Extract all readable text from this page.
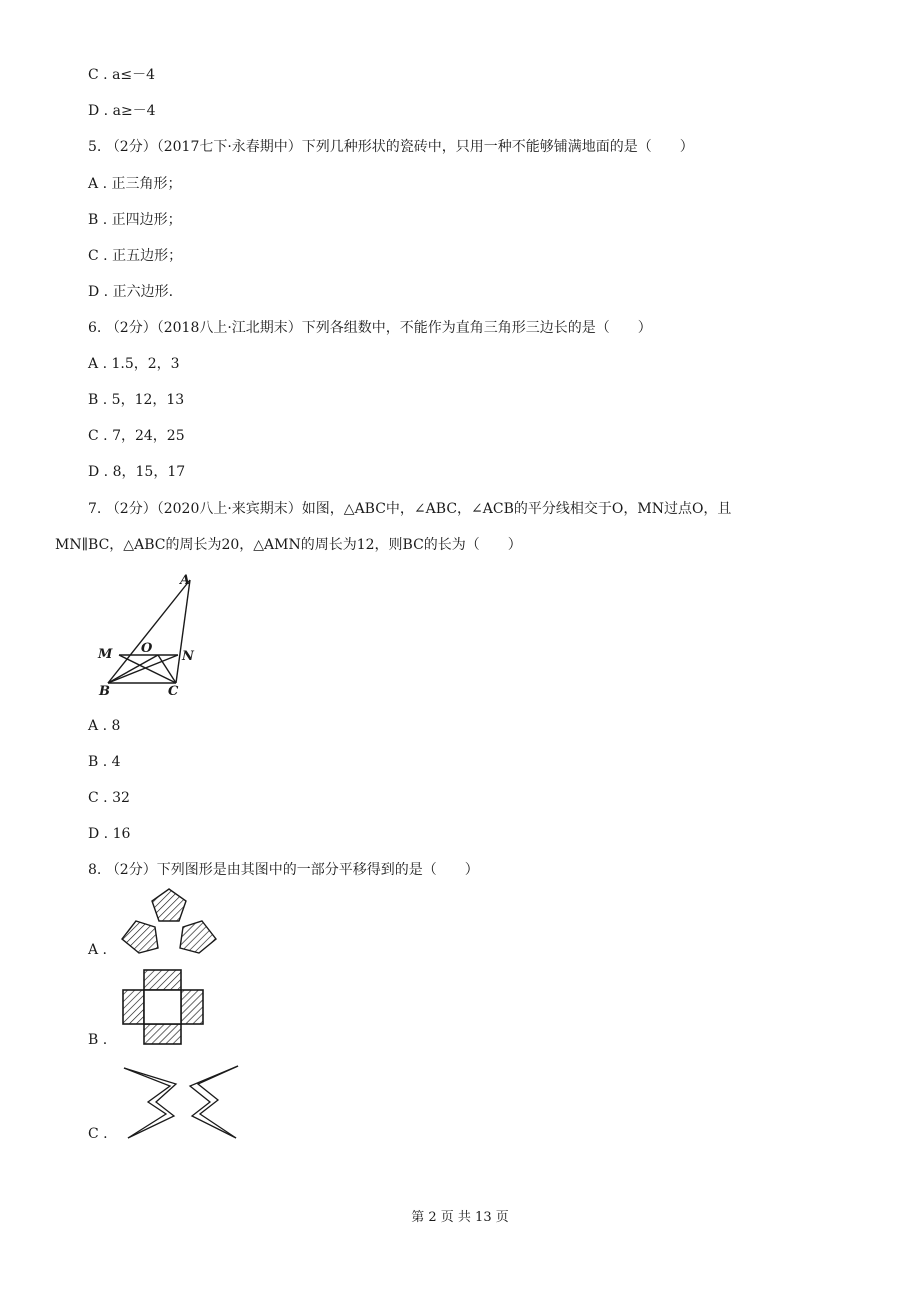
C . a≤－4
D . a≥－4
5. （2分）（2017七下·永春期中）下列几种形状的瓷砖中，只用一种不能够铺满地面的是（　　）
A . 正三角形；
B . 正四边形；
C . 正五边形；
D . 正六边形.
6. （2分）（2018八上·江北期末）下列各组数中，不能作为直角三角形三边长的是（　　）
A . 1.5，2，3
B . 5，12，13
C . 7，24，25
D . 8，15，17
7. （2分）（2020八上·来宾期末）如图，△ABC中，∠ABC，∠ACB的平分线相交于O，MN过点O，且
MN∥BC，△ABC的周长为20，△AMN的周长为12，则BC的长为（　　）
A
M O
N
B	C
A . 8
B . 4
C . 32
D . 16
8. （2分）下列图形是由其图中的一部分平移得到的是（　　）
A .
B .
C .
第 2 页 共 13 页
